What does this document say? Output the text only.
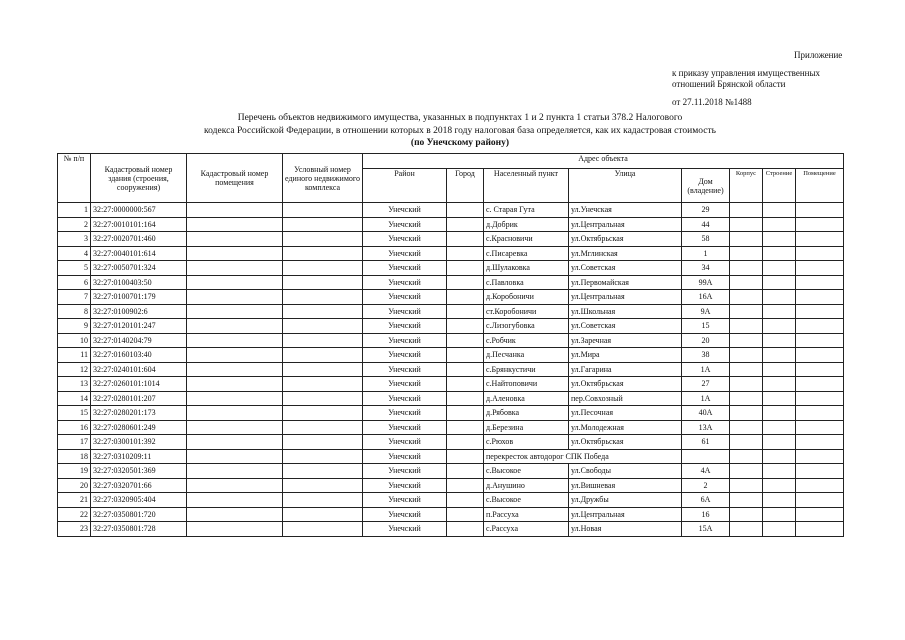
Приложение
к приказу управления имущественных
отношений Брянской области
от 27.11.2018 №1488
Перечень объектов недвижимого имущества, указанных в подпунктах 1 и 2 пункта 1 статьи 378.2 Налогового
кодекса Российской Федерации, в отношении которых в 2018 году налоговая база определяется, как их кадастровая стоимость
(по Унечскому району)
№ п/п	Кадастровый номер здания (строения, сооружения)	Кадастровый номер помещения	Условный номер единого недвижимого комплекса	Адрес объекта							
				Район	Город	Населенный пункт	Улица	Дом (владение)	Корпус	Строение	Помещение
1	32:27:0000000:567			Унечский		с. Старая Гута	ул.Унечская	29			
2	32:27:0010101:164			Унечский		д.Добрик	ул.Центральная	44			
3	32:27:0020701:460			Унечский		с.Красновичи	ул.Октябрьская	58			
4	32:27:0040101:614			Унечский		с.Писаревка	ул.Мглинская	1			
5	32:27:0050701:324			Унечский		д.Шулаковка	ул.Советская	34			
6	32:27:0100403:50			Унечский		с.Павловка	ул.Первомайская	99А			
7	32:27:0100701:179			Унечский		д.Коробоничи	ул.Центральная	16А			
8	32:27:0100902:6			Унечский		ст.Коробоничи	ул.Школьная	9А			
9	32:27:0120101:247			Унечский		с.Лизогубовка	ул.Советская	15			
10	32:27:0140204:79			Унечский		с.Робчик	ул.Заречная	20			
11	32:27:0160103:40			Унечский		д.Песчанка	ул.Мира	38			
12	32:27:0240101:604			Унечский		с.Брянкустичи	ул.Гагарина	1А			
13	32:27:0260101:1014			Унечский		с.Найтоповичи	ул.Октябрьская	27			
14	32:27:0280101:207			Унечский		д.Аленовка	пер.Совхозный	1А			
15	32:27:0280201:173			Унечский		д.Рябовка	ул.Песочная	40А			
16	32:27:0280601:249			Унечский		д.Березина	ул.Молодежная	13А			
17	32:27:0300101:392			Унечский		с.Рюхов	ул.Октябрьская	61			
18	32:27:0310209:11			Унечский		перекресток автодорог СПК Победа					
19	32:27:0320501:369			Унечский		с.Высокое	ул.Свободы	4А			
20	32:27:0320701:66			Унечский		д.Анушино	ул.Вишневая	2			
21	32:27:0320905:404			Унечский		с.Высокое	ул.Дружбы	6А			
22	32:27:0350801:720			Унечский		п.Рассуха	ул.Центральная	16			
23	32:27:0350801:728			Унечский		с.Рассуха	ул.Новая	15А			
